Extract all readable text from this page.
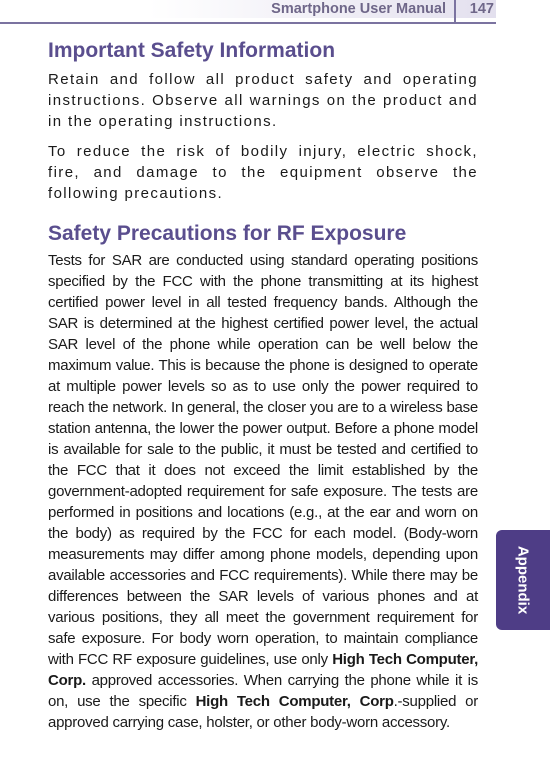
Smartphone User Manual 147
Appendix
Important Safety Information

Retain and follow all product safety and operating instructions. Observe all warnings on the product and in the operating instructions.

To reduce the risk of bodily injury, electric shock, fire, and damage to the equipment observe the following precautions.

Safety Precautions for RF Exposure

Tests for SAR are conducted using standard operating positions specified by the FCC with the phone transmitting at its highest certified power level in all tested frequency bands. Although the SAR is determined at the highest certified power level, the actual SAR level of the phone while operation can be well below the maximum value. This is because the phone is designed to operate at multiple power levels so as to use only the power required to reach the network. In general, the closer you are to a wireless base station antenna, the lower the power output. Before a phone model is available for sale to the public, it must be tested and certified to the FCC that it does not exceed the limit established by the government-adopted requirement for safe exposure. The tests are performed in positions and locations (e.g., at the ear and worn on the body) as required by the FCC for each model. (Body-worn measurements may differ among phone models, depending upon available accessories and FCC requirements). While there may be differences between the SAR levels of various phones and at various positions, they all meet the government requirement for safe exposure. For body worn operation, to maintain compliance with FCC RF exposure guidelines, use only High Tech Computer, Corp. approved accessories. When carrying the phone while it is on, use the specific High Tech Computer, Corp.-supplied or approved carrying case, holster, or other body-worn accessory.
